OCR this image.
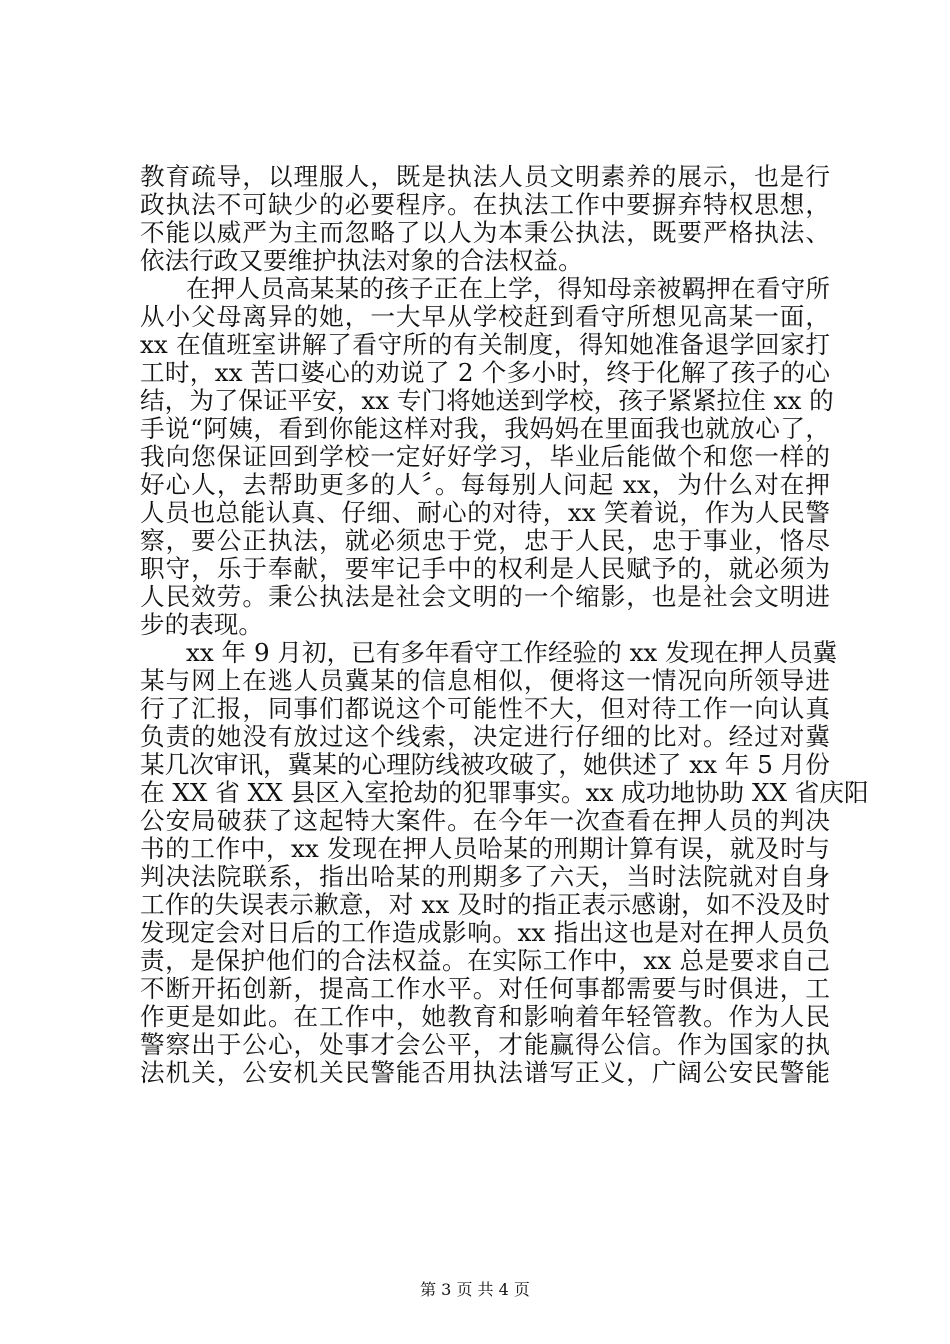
教育疏导，以理服人，既是执法人员文明素养的展示，也是行

政执法不可缺少的必要程序。在执法工作中要摒弃特权思想，

不能以威严为主而忽略了以人为本秉公执法，既要严格执法、

依法行政又要维护执法对象的合法权益。

在押人员高某某的孩子正在上学，得知母亲被羁押在看守所

从小父母离异的她，一大早从学校赶到看守所想见高某一面，

xx 在值班室讲解了看守所的有关制度，得知她准备退学回家打

工时，xx 苦口婆心的劝说了 2 个多小时，终于化解了孩子的心

结，为了保证平安，xx 专门将她送到学校，孩子紧紧拉住 xx 的

手说“阿姨，看到你能这样对我，我妈妈在里面我也就放心了，

我向您保证回到学校一定好好学习，毕业后能做个和您一样的

好心人，去帮助更多的人〞。每每别人问起 xx，为什么对在押

人员也总能认真、仔细、耐心的对待，xx 笑着说，作为人民警

察，要公正执法，就必须忠于党，忠于人民，忠于事业，恪尽

职守，乐于奉献，要牢记手中的权利是人民赋予的，就必须为

人民效劳。秉公执法是社会文明的一个缩影，也是社会文明进

步的表现。

xx 年 9 月初，已有多年看守工作经验的 xx 发现在押人员冀

某与网上在逃人员冀某的信息相似，便将这一情况向所领导进

行了汇报，同事们都说这个可能性不大，但对待工作一向认真

负责的她没有放过这个线索，决定进行仔细的比对。经过对冀

某几次审讯，冀某的心理防线被攻破了，她供述了 xx 年 5 月份

在 XX 省 XX 县区入室抢劫的犯罪事实。xx 成功地协助 XX 省庆阳

公安局破获了这起特大案件。在今年一次查看在押人员的判决

书的工作中，xx 发现在押人员哈某的刑期计算有误，就及时与

判决法院联系，指出哈某的刑期多了六天，当时法院就对自身

工作的失误表示歉意，对 xx 及时的指正表示感谢，如不没及时

发现定会对日后的工作造成影响。xx 指出这也是对在押人员负

责，是保护他们的合法权益。在实际工作中，xx 总是要求自己

不断开拓创新，提高工作水平。对任何事都需要与时俱进，工

作更是如此。在工作中，她教育和影响着年轻管教。作为人民

警察出于公心，处事才会公平，才能赢得公信。作为国家的执

法机关，公安机关民警能否用执法谱写正义，广阔公安民警能

第 3 页 共 4 页
